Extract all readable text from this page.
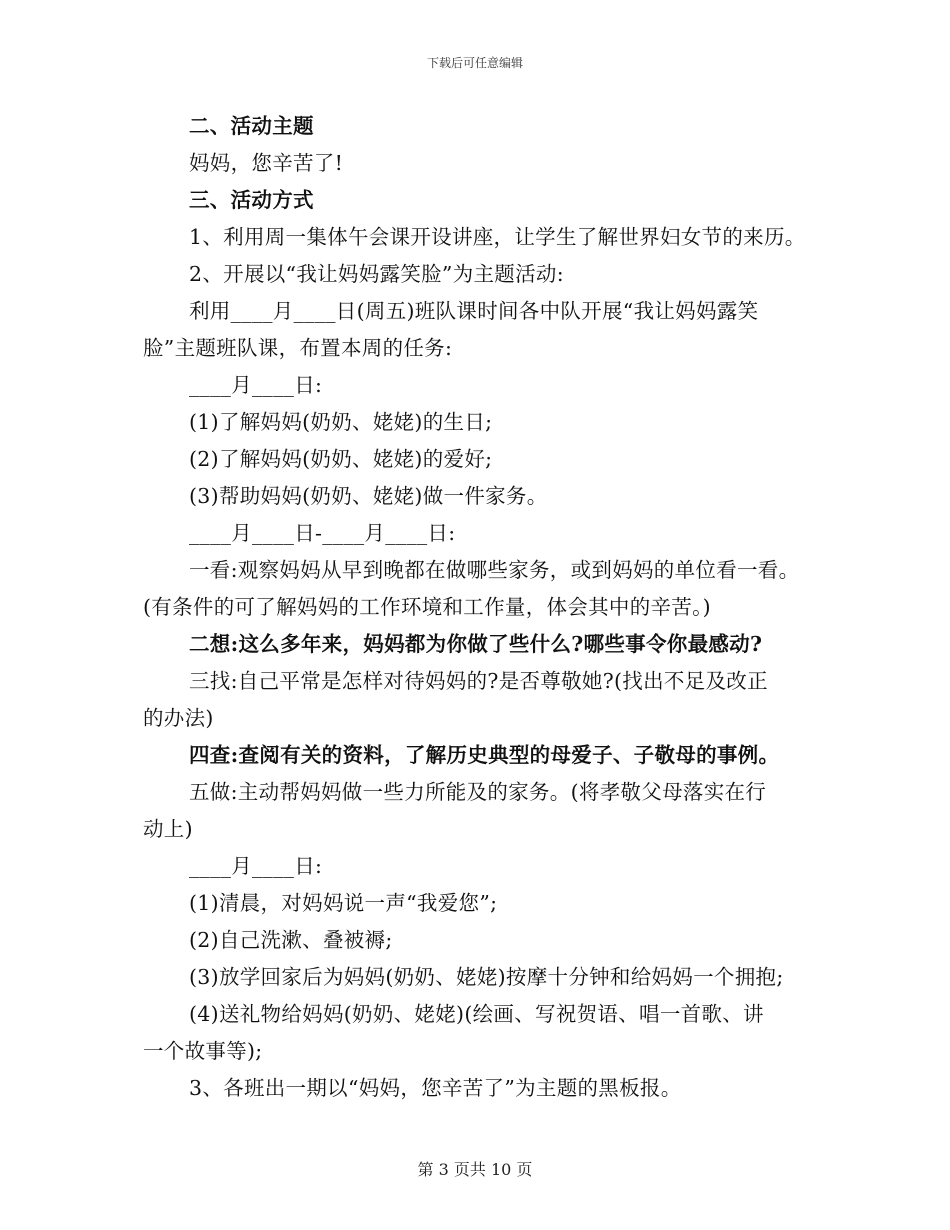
下载后可任意编辑
二、活动主题
妈妈，您辛苦了!
三、活动方式
1、利用周一集体午会课开设讲座，让学生了解世界妇女节的来历。
2、开展以“我让妈妈露笑脸”为主题活动:
利用____月____日(周五)班队课时间各中队开展“我让妈妈露笑
脸”主题班队课，布置本周的任务:
____月____日:
(1)了解妈妈(奶奶、姥姥)的生日;
(2)了解妈妈(奶奶、姥姥)的爱好;
(3)帮助妈妈(奶奶、姥姥)做一件家务。
____月____日-____月____日:
一看:观察妈妈从早到晚都在做哪些家务，或到妈妈的单位看一看。
(有条件的可了解妈妈的工作环境和工作量，体会其中的辛苦。)
二想:这么多年来，妈妈都为你做了些什么?哪些事令你最感动?
三找:自己平常是怎样对待妈妈的?是否尊敬她?(找出不足及改正
的办法)
四查:查阅有关的资料，了解历史典型的母爱子、子敬母的事例。
五做:主动帮妈妈做一些力所能及的家务。(将孝敬父母落实在行
动上)
____月____日:
(1)清晨，对妈妈说一声“我爱您”;
(2)自己洗漱、叠被褥;
(3)放学回家后为妈妈(奶奶、姥姥)按摩十分钟和给妈妈一个拥抱;
(4)送礼物给妈妈(奶奶、姥姥)(绘画、写祝贺语、唱一首歌、讲
一个故事等);
3、各班出一期以“妈妈，您辛苦了”为主题的黑板报。
第 3 页共 10 页
